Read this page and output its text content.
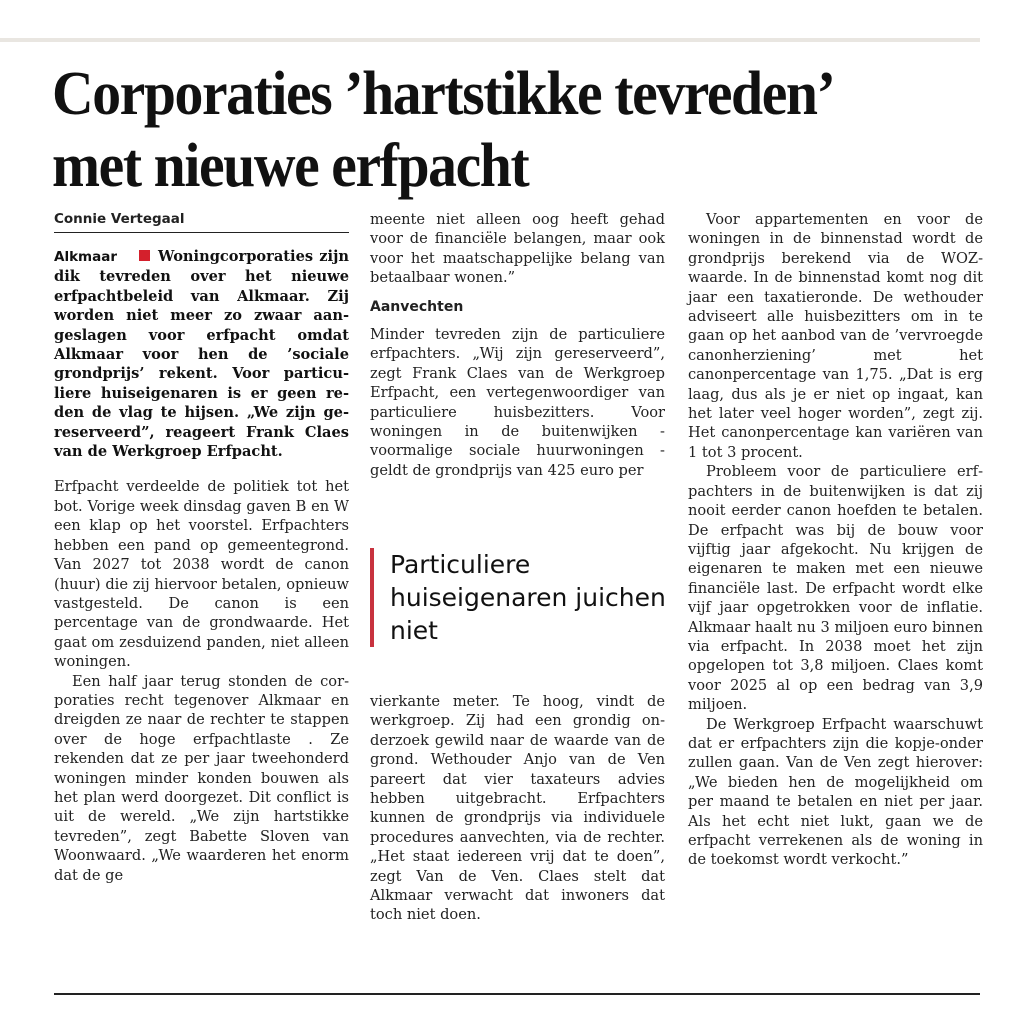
Corporaties ’hartstikke tevreden’ met nieuwe erfpacht
Connie Vertegaal

Alkmaar	Woningcorporaties zijn dik tevreden over het nieuwe erfpachtbeleid van Alkmaar. Zij worden niet meer zo zwaar aangeslagen voor erfpacht omdat Alkmaar voor hen de ’sociale grondprijs’ rekent. Voor particuliere huiseigenaren is er geen reden de vlag te hijsen. „We zijn gereserveerd”, reageert Frank Claes van de Werkgroep Erfpacht.

Erfpacht verdeelde de politiek tot het bot. Vorige week dinsdag gaven B en W een klap op het voorstel. Erfpachters hebben een pand op gemeentegrond. Van 2027 tot 2038 wordt de canon (huur) die zij hiervoor betalen, opnieuw vastgesteld. De canon is een percentage van de grondwaarde. Het gaat om zesduizend panden, niet alleen woningen.

Een half jaar terug stonden de corporaties recht tegenover Alkmaar en dreigden ze naar de rechter te stappen over de hoge erfpachtlaste . Ze rekenden dat ze per jaar tweehonderd woningen minder konden bouwen als het plan werd doorgezet. Dit conflict is uit de wereld. „We zijn hartstikke tevreden”, zegt Babette Sloven van Woonwaard. „We waarderen het enorm dat de ge

meente niet alleen oog heeft gehad voor de financiële belangen, maar ook voor het maatschappelijke belang van betaalbaar wonen.”

Aanvechten

Minder tevreden zijn de particuliere erfpachters. „Wij zijn gereserveerd”, zegt Frank Claes van de Werkgroep Erfpacht, een vertegenwoordiger van particuliere huisbezitters. Voor woningen in de buitenwijken - voormalige sociale huurwoningen - geldt de grondprijs van 425 euro per

Particuliere huiseigenaren juichen niet

vierkante meter. Te hoog, vindt de werkgroep. Zij had een grondig onderzoek gewild naar de waarde van de grond. Wethouder Anjo van de Ven pareert dat vier taxateurs advies hebben uitgebracht. Erfpachters kunnen de grondprijs via individuele procedures aanvechten, via de rechter. „Het staat iedereen vrij dat te doen”, zegt Van de Ven. Claes stelt dat Alkmaar verwacht dat inwoners dat toch niet doen.

Voor appartementen en voor de woningen in de binnenstad wordt de grondprijs berekend via de WOZ-waarde. In de binnenstad komt nog dit jaar een taxatieronde. De wethouder adviseert alle huisbezitters om in te gaan op het aanbod van de ’vervroegde canonherziening’ met het canonpercentage van 1,75. „Dat is erg laag, dus als je er niet op ingaat, kan het later veel hoger worden”, zegt zij. Het canonpercentage kan variëren van 1 tot 3 procent.

Probleem voor de particuliere erfpachters in de buitenwijken is dat zij nooit eerder canon hoefden te betalen. De erfpacht was bij de bouw voor vijftig jaar afgekocht. Nu krijgen de eigenaren te maken met een nieuwe financiële last. De erfpacht wordt elke vijf jaar opgetrokken voor de inflatie. Alkmaar haalt nu 3 miljoen euro binnen via erfpacht. In 2038 moet het zijn opgelopen tot 3,8 miljoen. Claes komt voor 2025 al op een bedrag van 3,9 miljoen.

De Werkgroep Erfpacht waarschuwt dat er erfpachters zijn die kopje-onder zullen gaan. Van de Ven zegt hierover: „We bieden hen de mogelijkheid om per maand te betalen en niet per jaar. Als het echt niet lukt, gaan we de erfpacht verrekenen als de woning in de toekomst wordt verkocht.”
